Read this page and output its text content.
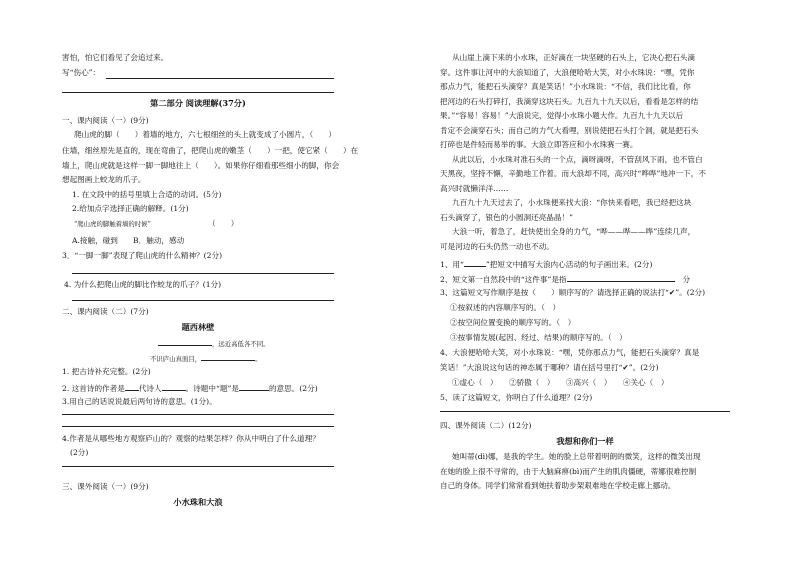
害怕，怕它们看见了会追过来。
写“伤心”：
第二部分 阅读理解(37分)
一、课内阅读（一）(9分)
爬山虎的脚（　　）着墙的地方，六七根细丝的头上就变成了小圆片，（　　）
住墙，细丝原先是直的，现在弯曲了，把爬山虎的嫩茎（　　）一把，使它紧（　　）在
墙上，爬山虎就是这样一脚一脚地往上（　　）。如果你仔细看那些细小的脚，你会
想起图画上蛟龙的爪子。
1. 在文段中的括号里填上合适的动词。(5分)
2.给加点字选择正确的解释。(1分)
“爬山虎的脚触着墙的时候”	（　　）
A.接触，碰到　　B．触动，感动
3．“一脚一脚”表现了爬山虎的什么精神？(2分)
4. 为什么把爬山虎的脚比作蛟龙的爪子？(1分)
二、课内阅读（二）(7分)
题西林壁
，远近高低各不同。
不识庐山真面目，	。
1. 把古诗补充完整。(2分)
2. 这首诗的作者是 代诗人	。诗题中“题”是	的意思。(2分)
3.用自己的话说说最后两句诗的意思。(1分)。
4.作者是从哪些地方观察庐山的？观察的结果怎样？你从中明白了什么道理？
(2分)
三、课外阅读（一）(9分)
小水珠和大浪
从山崖上滴下来的小水珠，正好滴在一块坚硬的石头上，它决心把石头滴
穿。这件事让河中的大浪知道了，大浪便哈哈大笑，对小水珠说：“嘿，凭你
那点力气，能把石头滴穿？真是笑话！”小水珠说：“不信，我们比比看，你
把河边的石头打碎打，我滴穿这块石头。九百九十九天以后，看看是怎样的结
果。”“容易！容易！”大浪说完，觉得小水珠小题大作。九百九十九天以后
肯定不会滴穿石头；而自己的力气大看哩，别说使把石头打个洞，就是把石头
打碎也是件轻而易举的事。大浪立即答应和小水珠赛一赛。
从此以后，小水珠对准石头的一个点，滴呀滴呀，不管刮风下雨，也不管白
天黑夜，坚持不懈，辛勤地工作着。而大浪却不同，高兴时“哗哗”地冲一下，不
高兴时就懒洋洋……
九百九十九天过去了，小水珠便来找大浪：“你快来看吧，我已经把这块
石头滴穿了，银色的小圆洞还亮晶晶！”
大浪一听，着急了，赶快使出全身的力气，“哗——哗——哗”连续几声，
可是河边的石头仍然一动也不动。
1、用“	”把短文中描写大浪内心活动的句子画出来。(2分)
2、短文第一自然段中的“这件事”是指	分
3、这篇短文写作顺序是按（　　）顺序写的？请选择正确的说法打“✔”。(2分)
①按叙述的内容顺序写的。（　）
②按空间位置变换的顺序写的。（　）
③按事情发展(起因、经过、结果)的顺序写的。（　）
4、大浪便哈哈大笑，对小水珠说：“嘿，凭你那点力气，能把石头滴穿？真是
笑话！”大浪说这句话的神态属于哪种？请在括号里打“✔”。(2分)
①虚心（　）　　②骄傲（　）　　③高兴（　）　　④关心（　）
5、读了这篇短文，你明白了什么道理？(2分)
四、课外阅读（二）(12分)
我想和你们一样
她叫蒂(dì)娜，是我的学生。她的脸上总带着明朗的微笑，这样的微笑出现
在她的脸上很不寻常的，由于大脑麻痹(bì)而产生的肌肉僵硬，蒂娜很难控制
自己的身体。同学们常常看到她扶着助步架艰难地在学校走廊上挪动。
